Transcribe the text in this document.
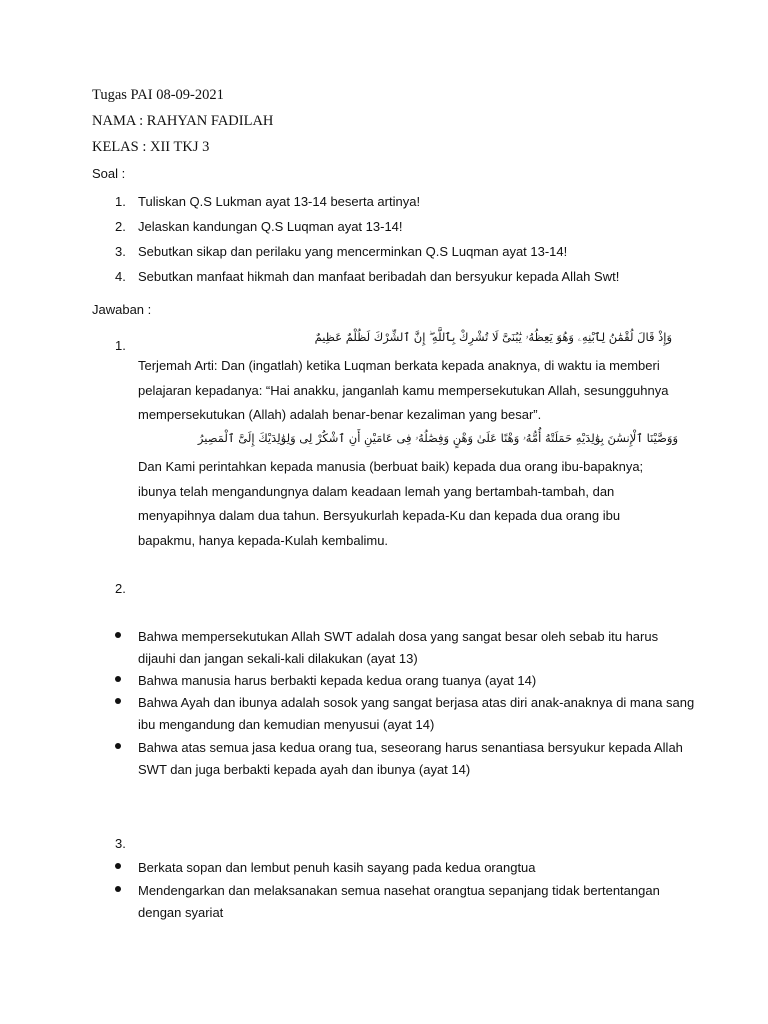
Tugas PAI 08-09-2021
NAMA : RAHYAN FADILAH
KELAS : XII TKJ 3
Soal :
1. Tuliskan Q.S Lukman ayat 13-14 beserta artinya!
2. Jelaskan kandungan Q.S Luqman ayat 13-14!
3. Sebutkan sikap dan perilaku yang mencerminkan Q.S Luqman ayat 13-14!
4. Sebutkan manfaat hikmah dan manfaat beribadah dan bersyukur kepada Allah Swt!
Jawaban :
1.
وَإِذْ قَالَ لُقْمَٰنُ لِٱبْنِهِۦ وَهُوَ يَعِظُهُۥ يَٰبُنَىَّ لَا تُشْرِكْ بِٱللَّهِ ۖ إِنَّ ٱلشِّرْكَ لَظُلْمٌ عَظِيمٌ
Terjemah Arti: Dan (ingatlah) ketika Luqman berkata kepada anaknya, di waktu ia memberi pelajaran kepadanya: “Hai anakku, janganlah kamu mempersekutukan Allah, sesungguhnya mempersekutukan (Allah) adalah benar-benar kezaliman yang besar”.
وَوَصَّيْنَا ٱلْإِنسَٰنَ بِوَٰلِدَيْهِ حَمَلَتْهُ أُمُّهُۥ وَهْنًا عَلَىٰ وَهْنٍ وَفِصَٰلُهُۥ فِى عَامَيْنِ أَنِ ٱشْكُرْ لِى وَلِوَٰلِدَيْكَ إِلَىَّ ٱلْمَصِيرُ
Dan Kami perintahkan kepada manusia (berbuat baik) kepada dua orang ibu-bapaknya; ibunya telah mengandungnya dalam keadaan lemah yang bertambah-tambah, dan menyapihnya dalam dua tahun. Bersyukurlah kepada-Ku dan kepada dua orang ibu bapakmu, hanya kepada-Kulah kembalimu.
2.
Bahwa mempersekutukan Allah SWT adalah dosa yang sangat besar oleh sebab itu harus dijauhi dan jangan sekali-kali dilakukan (ayat 13)
Bahwa manusia harus berbakti kepada kedua orang tuanya (ayat 14)
Bahwa Ayah dan ibunya adalah sosok yang sangat berjasa atas diri anak-anaknya di mana sang ibu mengandung dan kemudian menyusui (ayat 14)
Bahwa atas semua jasa kedua orang tua, seseorang harus senantiasa bersyukur kepada Allah SWT dan juga berbakti kepada ayah dan ibunya (ayat 14)
3.
Berkata sopan dan lembut penuh kasih sayang pada kedua orangtua
Mendengarkan dan melaksanakan semua nasehat orangtua sepanjang tidak bertentangan dengan syariat
